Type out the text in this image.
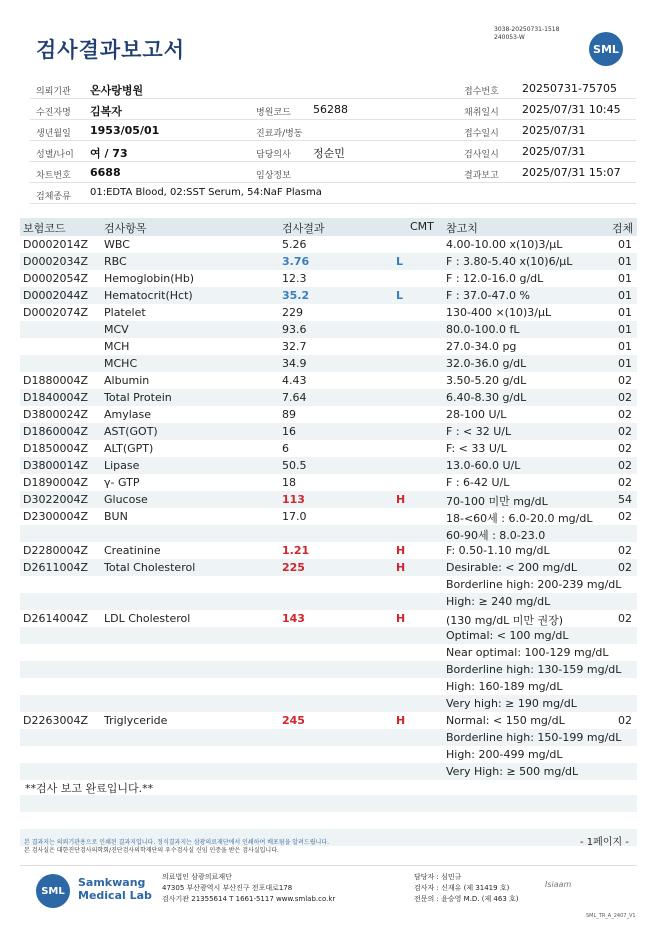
검사결과보고서
3038-20250731-1518
240053-W
SML
의뢰기관 온사랑병원	접수번호 20250731-75705
수진자명 김복자	병원코드 56288	채취일시 2025/07/31 10:45
생년월일 1953/05/01	진료과/병동	접수일시 2025/07/31
성별/나이 여 / 73	담당의사 정순민	검사일시 2025/07/31
차트번호 6688	임상정보	결과보고 2025/07/31 15:07
검체종류 01:EDTA Blood, 02:SST Serum, 54:NaF Plasma
보험코드	검사항목	검사결과	CMT 참고치	검체
D0002014Z WBC	5.26	4.00-10.00 x(10)3/μL	01
D0002034Z RBC	3.76	L	F : 3.80-5.40 x(10)6/μL	01
D0002054Z Hemoglobin(Hb)	12.3	F : 12.0-16.0 g/dL	01
D0002044Z Hematocrit(Hct)	35.2	L	F : 37.0-47.0 %	01
D0002074Z Platelet	229	130-400 ×(10)3/μL	01
MCV	93.6	80.0-100.0 fL	01
MCH	32.7	27.0-34.0 pg	01
MCHC	34.9	32.0-36.0 g/dL	01
D1880004Z Albumin	4.43	3.50-5.20 g/dL	02
D1840004Z Total Protein	7.64	6.40-8.30 g/dL	02
D3800024Z Amylase	89	28-100 U/L	02
D1860004Z AST(GOT)	16	F : < 32 U/L	02
D1850004Z ALT(GPT)	6	F: < 33 U/L	02
D3800014Z Lipase	50.5	13.0-60.0 U/L	02
D1890004Z γ- GTP	18	F : 6-42 U/L	02
D3022004Z Glucose	113	H	70-100 미만 mg/dL	54
D2300004Z BUN	17.0	18-<60세 : 6.0-20.0 mg/dL 02
60-90세 : 8.0-23.0
D2280004Z Creatinine	1.21	H	F: 0.50-1.10 mg/dL	02
D2611004Z Total Cholesterol	225	H	Desirable: < 200 mg/dL	02
Borderline high: 200-239 mg/dL
High: ≥ 240 mg/dL
D2614004Z LDL Cholesterol	143	H	(130 mg/dL 미만 권장)	02
Optimal: < 100 mg/dL
Near optimal: 100-129 mg/dL
Borderline high: 130-159 mg/dL
High: 160-189 mg/dL
Very high: ≥ 190 mg/dL
D2263004Z Triglyceride	245	H	Normal: < 150 mg/dL	02
Borderline high: 150-199 mg/dL
High: 200-499 mg/dL
Very High: ≥ 500 mg/dL
**검사 보고 완료입니다.**
본 결과지는 의뢰기관용으로 인쇄된 결과지입니다. 정식결과지는 삼광의료재단에서 인쇄하여 배포됨을 알려드립니다.
본 검사실은 대한진단검사의학회/진단검사의학재단의 우수검사실 신임 인증을 받은 검사실입니다.
- 1페이지 -
SML
Samkwang
Medical Lab
의료법인 삼광의료재단
47305 부산광역시 부산진구 전포대로178
검사기관 21355614 T 1661-5117 www.smlab.co.kr
담당자 : 심민규
검사자 : 신재유 (제 31419 호)
전문의 : 윤승영 M.D. (제 463 호)
Isiaam
SML_TR_A_2407_V1
